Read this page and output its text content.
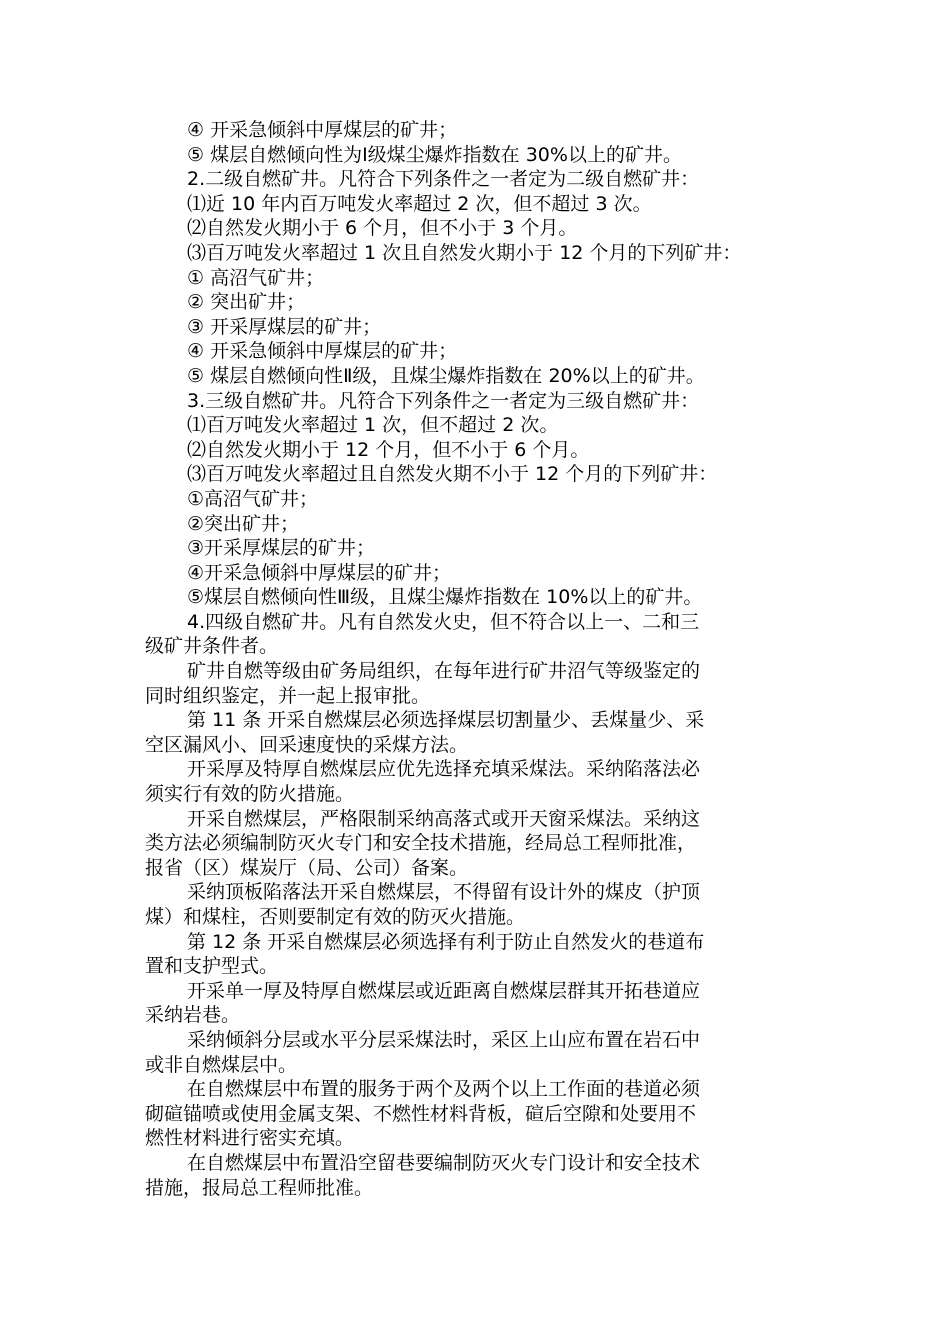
④ 开采急倾斜中厚煤层的矿井；
⑤ 煤层自燃倾向性为Ⅰ级煤尘爆炸指数在 30%以上的矿井。
2.二级自燃矿井。凡符合下列条件之一者定为二级自燃矿井：
⑴近 10 年内百万吨发火率超过 2 次，但不超过 3 次。
⑵自然发火期小于 6 个月，但不小于 3 个月。
⑶百万吨发火率超过 1 次且自然发火期小于 12 个月的下列矿井：
① 高沼气矿井；
② 突出矿井；
③ 开采厚煤层的矿井；
④ 开采急倾斜中厚煤层的矿井；
⑤ 煤层自燃倾向性Ⅱ级，且煤尘爆炸指数在 20%以上的矿井。
3.三级自燃矿井。凡符合下列条件之一者定为三级自燃矿井：
⑴百万吨发火率超过 1 次，但不超过 2 次。
⑵自然发火期小于 12 个月，但不小于 6 个月。
⑶百万吨发火率超过且自然发火期不小于 12 个月的下列矿井：
①高沼气矿井；
②突出矿井；
③开采厚煤层的矿井；
④开采急倾斜中厚煤层的矿井；
⑤煤层自燃倾向性Ⅲ级，且煤尘爆炸指数在 10%以上的矿井。
4.四级自燃矿井。凡有自然发火史，但不符合以上一、二和三
级矿井条件者。
矿井自燃等级由矿务局组织，在每年进行矿井沼气等级鉴定的
同时组织鉴定，并一起上报审批。
第 11 条 开采自燃煤层必须选择煤层切割量少、丢煤量少、采
空区漏风小、回采速度快的采煤方法。
开采厚及特厚自燃煤层应优先选择充填采煤法。采纳陷落法必
须实行有效的防火措施。
开采自燃煤层，严格限制采纳高落式或开天窗采煤法。采纳这
类方法必须编制防灭火专门和安全技术措施，经局总工程师批准，
报省（区）煤炭厅（局、公司）备案。
采纳顶板陷落法开采自燃煤层，不得留有设计外的煤皮（护顶
煤）和煤柱，否则要制定有效的防灭火措施。
第 12 条 开采自燃煤层必须选择有利于防止自然发火的巷道布
置和支护型式。
开采单一厚及特厚自燃煤层或近距离自燃煤层群其开拓巷道应
采纳岩巷。
采纳倾斜分层或水平分层采煤法时，采区上山应布置在岩石中
或非自燃煤层中。
在自燃煤层中布置的服务于两个及两个以上工作面的巷道必须
砌碹锚喷或使用金属支架、不燃性材料背板，碹后空隙和处要用不
燃性材料进行密实充填。
在自燃煤层中布置沿空留巷要编制防灭火专门设计和安全技术
措施，报局总工程师批准。
